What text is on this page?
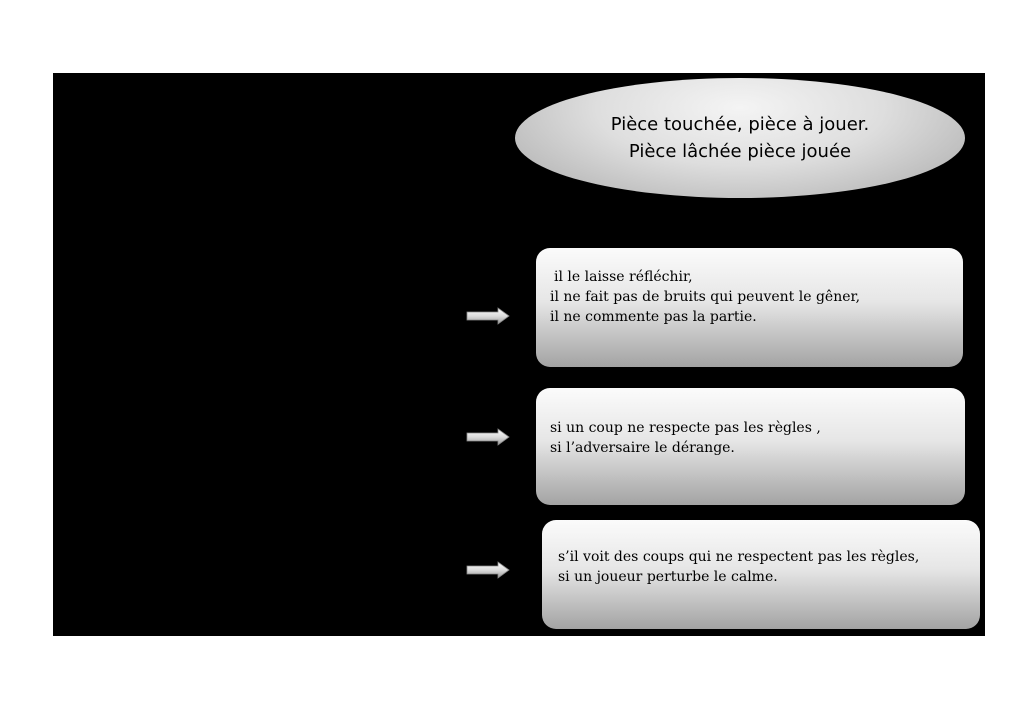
Pièce touchée, pièce à jouer.
Pièce lâchée pièce jouée
il le laisse réfléchir,
il ne fait pas de bruits qui peuvent le gêner,
il ne commente pas la partie.
si un coup ne respecte pas les règles ,
si l’adversaire le dérange.
s’il voit des coups qui ne respectent pas les règles,
si un joueur perturbe le calme.
